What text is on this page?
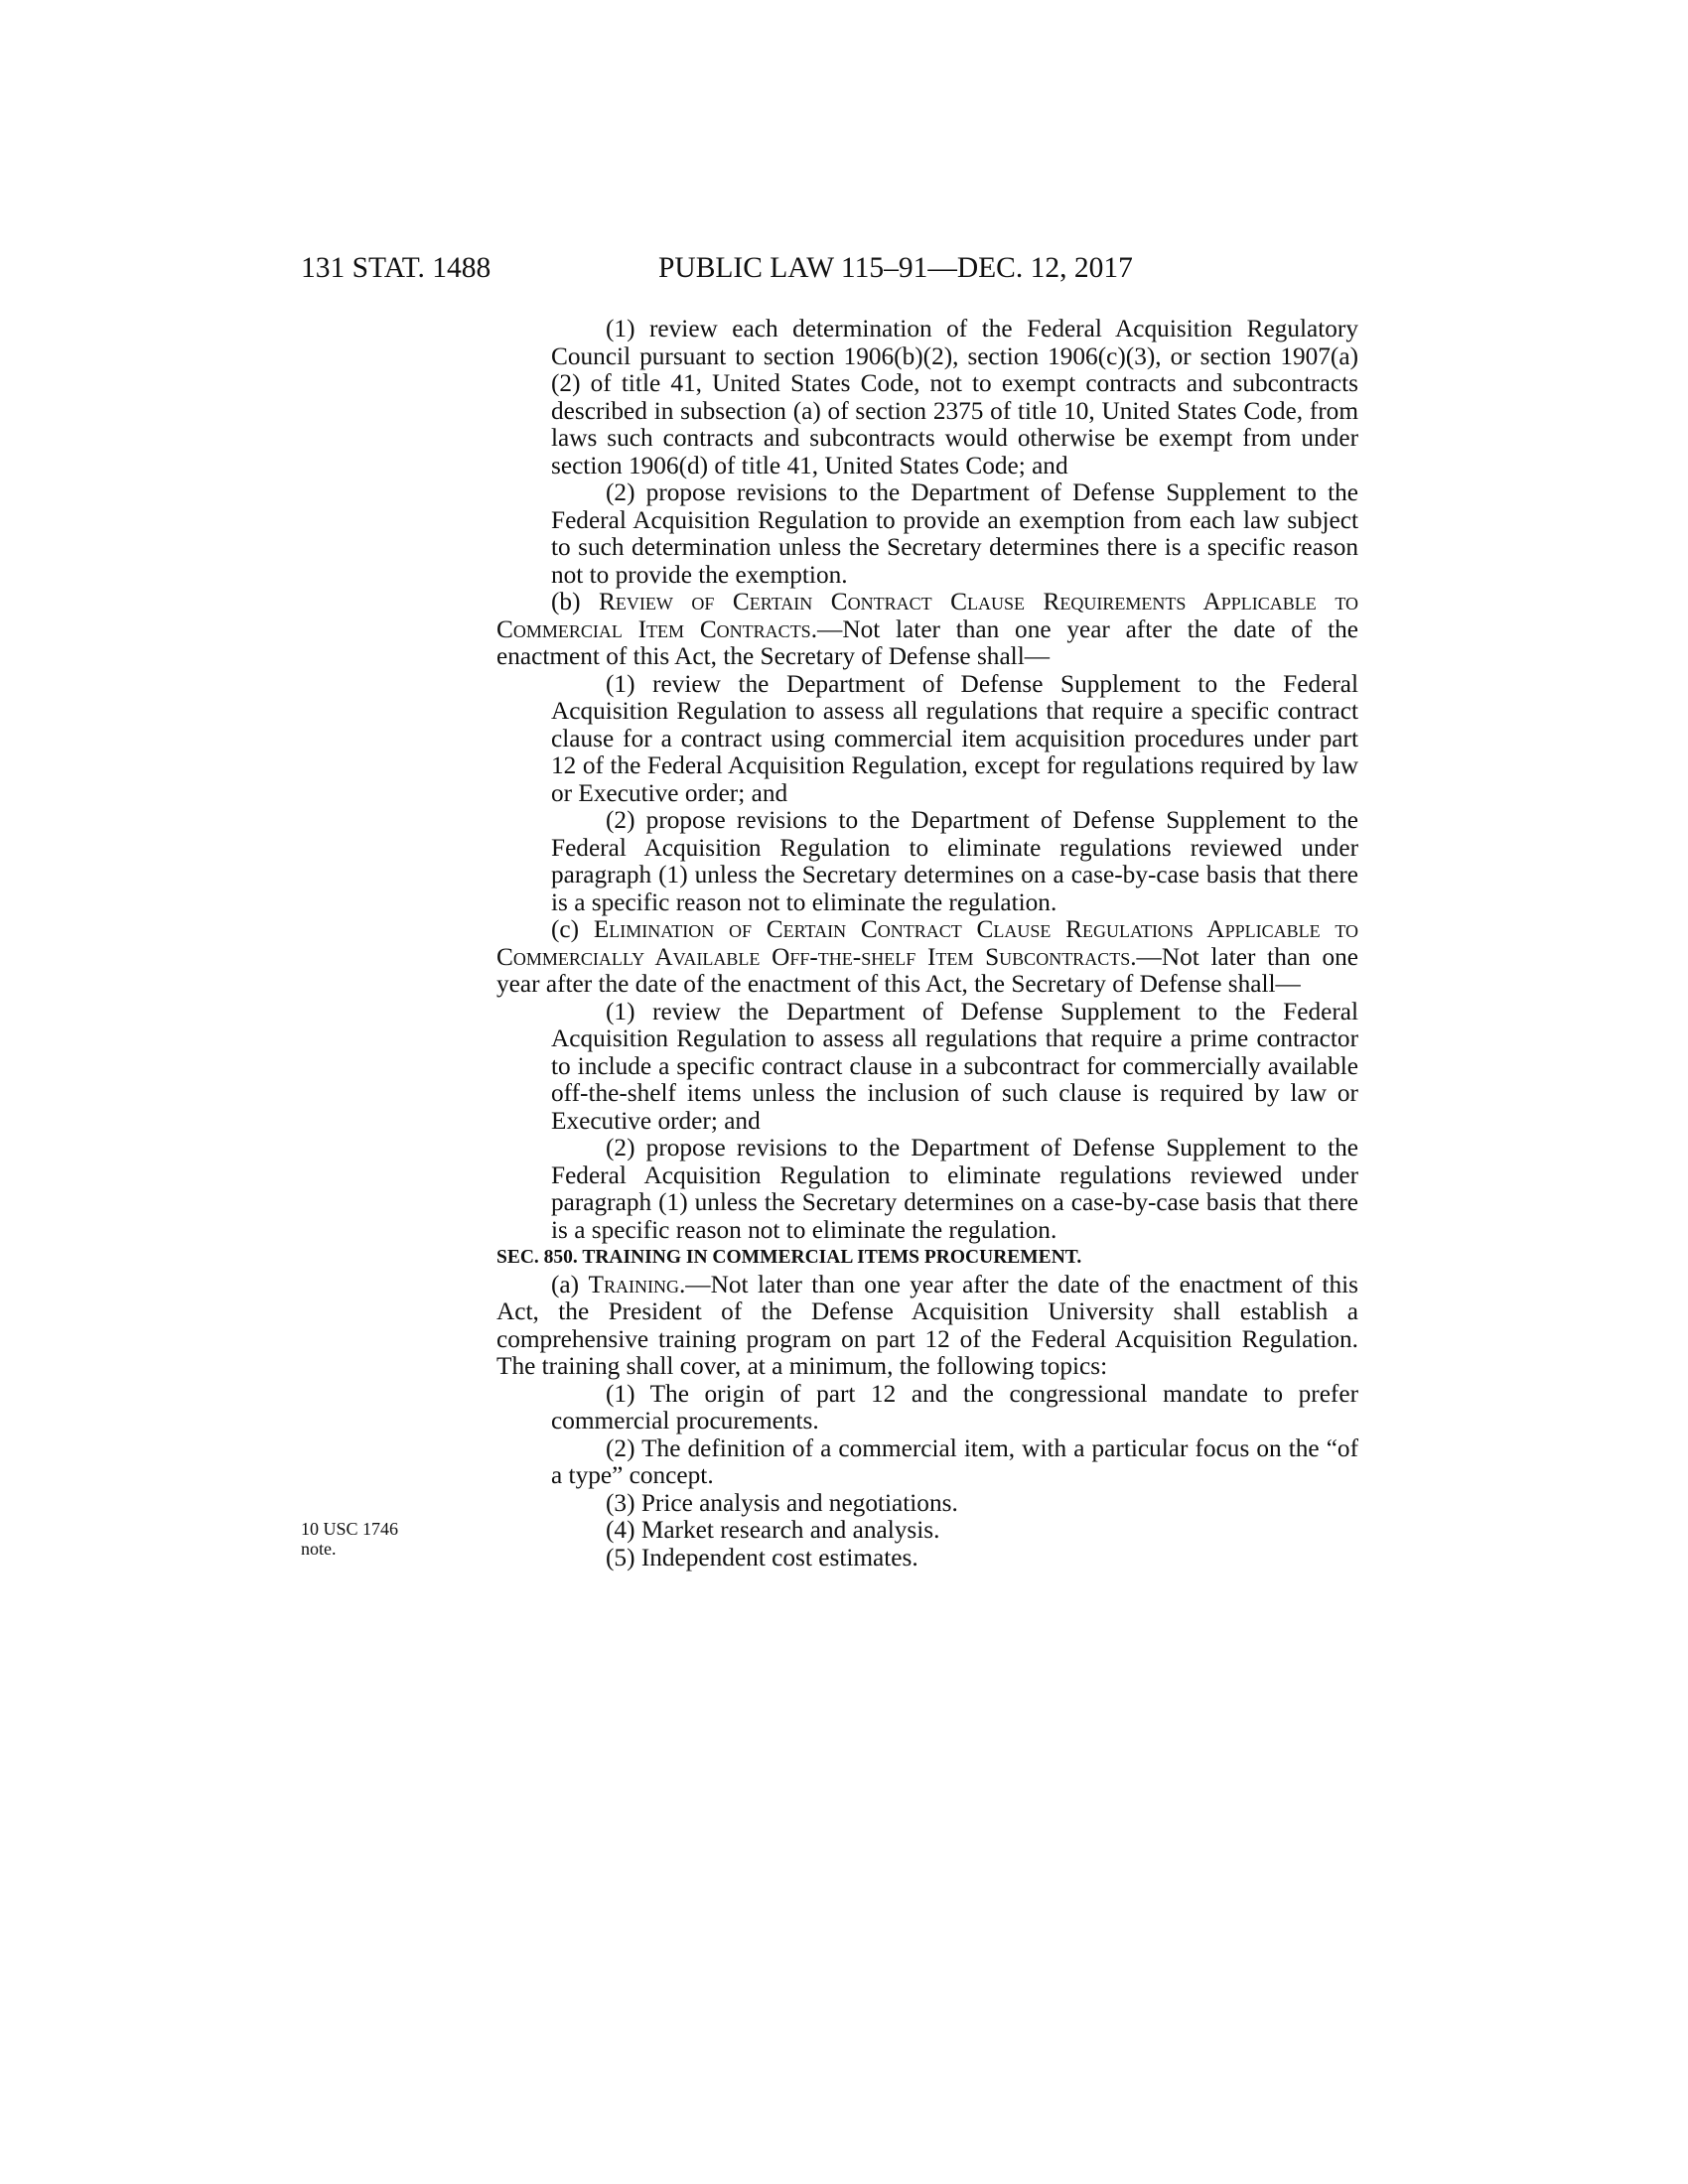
131 STAT. 1488	PUBLIC LAW 115–91—DEC. 12, 2017
10 USC 1746
note.

(1) review each determination of the Federal Acquisition Regulatory Council pursuant to section 1906(b)(2), section 1906(c)(3), or section 1907(a)(2) of title 41, United States Code, not to exempt contracts and subcontracts described in subsection (a) of section 2375 of title 10, United States Code, from laws such contracts and subcontracts would otherwise be exempt from under section 1906(d) of title 41, United States Code; and

(2) propose revisions to the Department of Defense Supplement to the Federal Acquisition Regulation to provide an exemption from each law subject to such determination unless the Secretary determines there is a specific reason not to provide the exemption.

(b) Review of Certain Contract Clause Requirements Applicable to Commercial Item Contracts.—Not later than one year after the date of the enactment of this Act, the Secretary of Defense shall—

(1) review the Department of Defense Supplement to the Federal Acquisition Regulation to assess all regulations that require a specific contract clause for a contract using commercial item acquisition procedures under part 12 of the Federal Acquisition Regulation, except for regulations required by law or Executive order; and

(2) propose revisions to the Department of Defense Supplement to the Federal Acquisition Regulation to eliminate regulations reviewed under paragraph (1) unless the Secretary determines on a case-by-case basis that there is a specific reason not to eliminate the regulation.

(c) Elimination of Certain Contract Clause Regulations Applicable to Commercially Available Off-the-shelf Item Subcontracts.—Not later than one year after the date of the enactment of this Act, the Secretary of Defense shall—

(1) review the Department of Defense Supplement to the Federal Acquisition Regulation to assess all regulations that require a prime contractor to include a specific contract clause in a subcontract for commercially available off-the-shelf items unless the inclusion of such clause is required by law or Executive order; and

(2) propose revisions to the Department of Defense Supplement to the Federal Acquisition Regulation to eliminate regulations reviewed under paragraph (1) unless the Secretary determines on a case-by-case basis that there is a specific reason not to eliminate the regulation.

SEC. 850. TRAINING IN COMMERCIAL ITEMS PROCUREMENT.

(a) Training.—Not later than one year after the date of the enactment of this Act, the President of the Defense Acquisition University shall establish a comprehensive training program on part 12 of the Federal Acquisition Regulation. The training shall cover, at a minimum, the following topics:

(1) The origin of part 12 and the congressional mandate to prefer commercial procurements.

(2) The definition of a commercial item, with a particular focus on the “of a type” concept.

(3) Price analysis and negotiations.

(4) Market research and analysis.

(5) Independent cost estimates.
